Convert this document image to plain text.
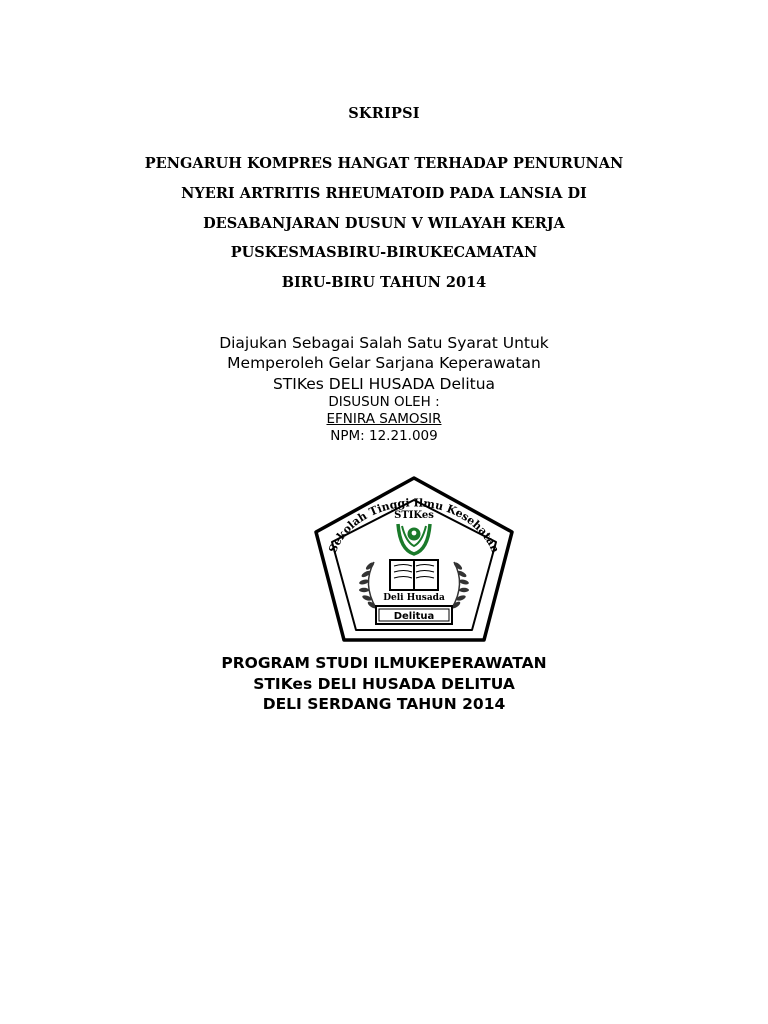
SKRIPSI
PENGARUH KOMPRES HANGAT TERHADAP PENURUNAN
NYERI ARTRITIS RHEUMATOID PADA LANSIA DI
DESABANJARAN DUSUN V WILAYAH KERJA
PUSKESMASBIRU-BIRUKECAMATAN
BIRU-BIRU TAHUN 2014
Diajukan Sebagai Salah Satu Syarat Untuk
Memperoleh Gelar Sarjana Keperawatan
STIKes DELI HUSADA Delitua
DISUSUN OLEH :
EFNIRA SAMOSIR
NPM: 12.21.009
Sekolah Tinggi Ilmu Kesehatan
STIKes
Deli Husada
Delitua
PROGRAM STUDI ILMUKEPERAWATAN
STIKes DELI HUSADA DELITUA
DELI SERDANG TAHUN 2014
